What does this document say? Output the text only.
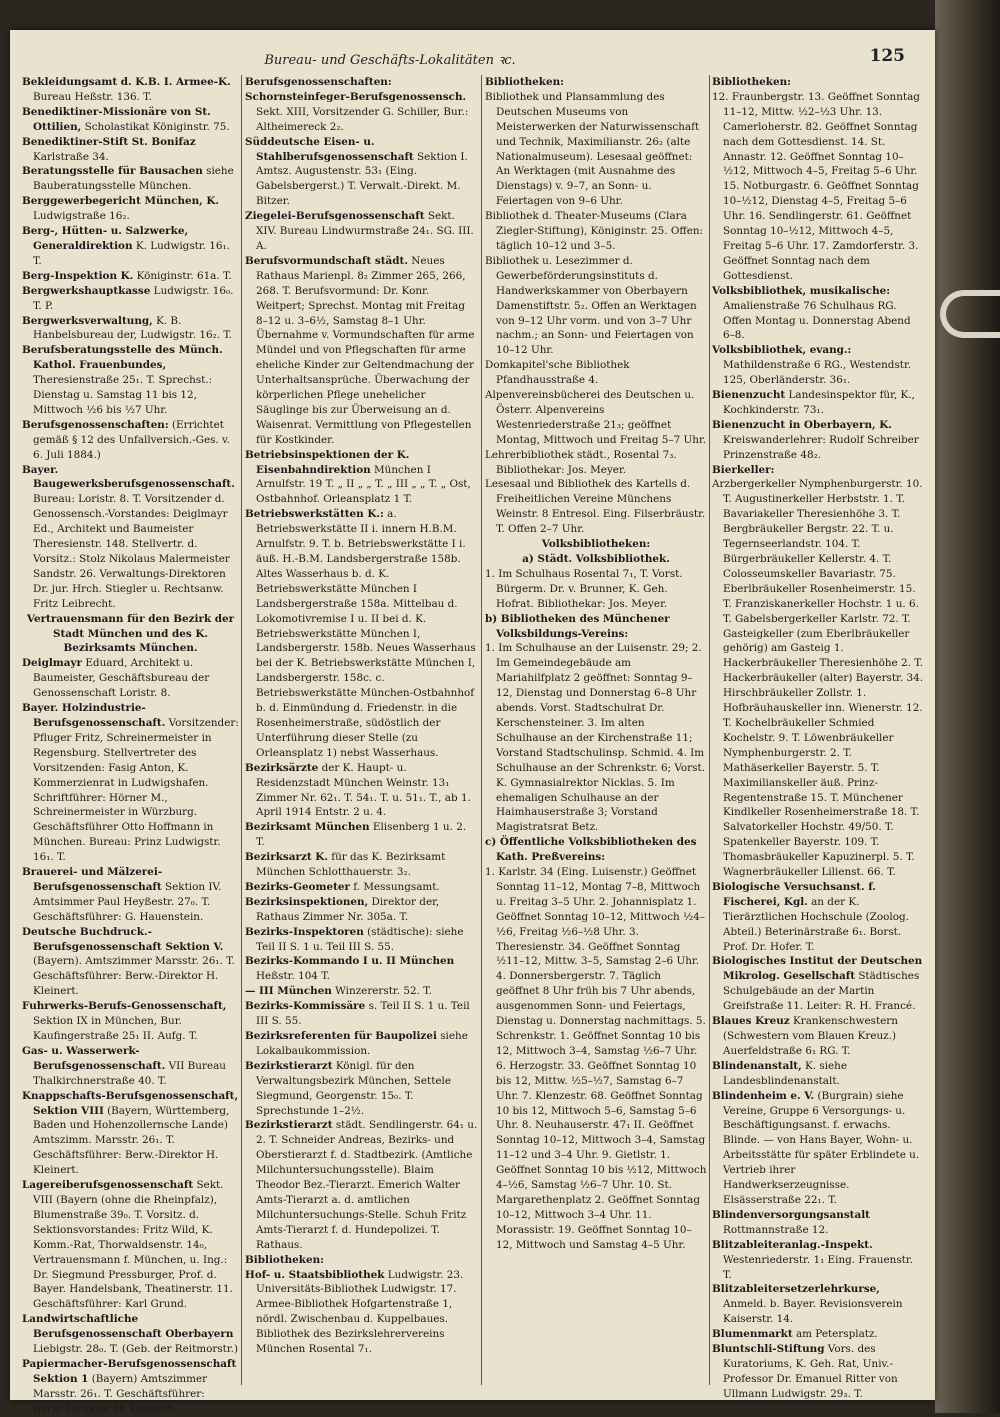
Bureau- und Geschäfts-Lokalitäten ꝛc.	125
Bekleidungsamt d. K.B. I. Armee-K. Bureau Heßstr. 136. T.
Benediktiner-Missionäre von St. Ottilien, Scholastikat Königinstr. 75.
Benediktiner-Stift St. Bonifaz Karlstraße 34.
Beratungsstelle für Bausachen siehe Bauberatungsstelle München.
Berggewerbegericht München, K. Ludwigstraße 16₂.
Berg-, Hütten- u. Salzwerke, Generaldirektion K. Ludwigstr. 16₁. T.
Berg-Inspektion K. Königinstr. 61a. T.
Bergwerkshauptkasse Ludwigstr. 16₀. T. P.
Bergwerksverwaltung, K. B. Hanbelsbureau der, Ludwigstr. 16₂. T.
Berufsberatungsstelle des Münch. Kathol. Frauenbundes, Theresienstraße 25₁. T. Sprechst.: Dienstag u. Samstag 11 bis 12, Mittwoch ½6 bis ½7 Uhr.
Berufsgenossenschaften: (Errichtet gemäß § 12 des Unfallversich.-Ges. v. 6. Juli 1884.)
Bayer. Baugewerksberufsgenossenschaft. Bureau: Loristr. 8. T. Vorsitzender d. Genossensch.-Vorstandes: Deiglmayr Ed., Architekt und Baumeister Theresienstr. 148. Stellvertr. d. Vorsitz.: Stolz Nikolaus Malermeister Sandstr. 26. Verwaltungs-Direktoren Dr. jur. Hrch. Stiegler u. Rechtsanw. Fritz Leibrecht.
Vertrauensmann für den Bezirk der Stadt München und des K. Bezirksamts München.
Deiglmayr Eduard, Architekt u. Baumeister, Geschäftsbureau der Genossenschaft Loristr. 8.
Bayer. Holzindustrie-Berufsgenossenschaft. Vorsitzender: Pfluger Fritz, Schreinermeister in Regensburg. Stellvertreter des Vorsitzenden: Fasig Anton, K. Kommerzienrat in Ludwigshafen. Schriftführer: Hörner M., Schreinermeister in Würzburg. Geschäftsführer Otto Hoffmann in München. Bureau: Prinz Ludwigstr. 16₁. T.
Brauerei- und Mälzerei-Berufsgenossenschaft Sektion IV. Amtsimmer Paul Heyßestr. 27₀. T. Geschäftsführer: G. Hauenstein.
Deutsche Buchdruck.-Berufsgenossenschaft Sektion V. (Bayern). Amtszimmer Marsstr. 26₁. T. Geschäftsführer: Berw.-Direktor H. Kleinert.
Fuhrwerks-Berufs-Genossenschaft, Sektion IX in München, Bur. Kaufingerstraße 25₁ II. Aufg. T.
Gas- u. Wasserwerk-Berufsgenossenschaft. VII Bureau Thalkirchnerstraße 40. T.
Knappschafts-Berufsgenossenschaft, Sektion VIII (Bayern, Württemberg, Baden und Hohenzollernsche Lande) Amtszimm. Marsstr. 26₁. T. Geschäftsführer: Berw.-Direktor H. Kleinert.
Lagereiberufsgenossenschaft Sekt. VIII (Bayern (ohne die Rheinpfalz), Blumenstraße 39₀. T. Vorsitz. d. Sektionsvorstandes: Fritz Wild, K. Komm.-Rat, Thorwaldsenstr. 14₀, Vertrauensmann f. München, u. Ing.: Dr. Siegmund Pressburger, Prof. d. Bayer. Handelsbank, Theatinerstr. 11. Geschäftsführer: Karl Grund.
Landwirtschaftliche Berufsgenossenschaft Oberbayern Liebigstr. 28₀. T. (Geb. der Reitmorstr.)
Papiermacher-Berufsgenossenschaft Sektion 1 (Bayern) Amtszimmer Marsstr. 26₁. T. Geschäftsführer: Berw.-Direktor H. Kleinert.
Berufsgenossenschaften:
Schornsteinfeger-Berufsgenossensch. Sekt. XIII, Vorsitzender G. Schiller, Bur.: Altheimereck 2₂.
Süddeutsche Eisen- u. Stahlberufsgenossenschaft Sektion I. Amtsz. Augustenstr. 53₁ (Eing. Gabelsbergerst.) T. Verwalt.-Direkt. M. Bitzer.
Ziegelei-Berufsgenossenschaft Sekt. XIV. Bureau Lindwurmstraße 24₁. SG. III. A.
Berufsvormundschaft städt. Neues Rathaus Marienpl. 8₂ Zimmer 265, 266, 268. T. Berufsvormund: Dr. Konr. Weitpert; Sprechst. Montag mit Freitag 8–12 u. 3–6½, Samstag 8–1 Uhr. Übernahme v. Vormundschaften für arme Mündel und von Pflegschaften für arme eheliche Kinder zur Geltendmachung der Unterhaltsansprüche. Überwachung der körperlichen Pflege unehelicher Säuglinge bis zur Überweisung an d. Waisenrat. Vermittlung von Pflegestellen für Kostkinder.
Betriebsinspektionen der K. Eisenbahndirektion München I Arnulfstr. 19 T. „ II „ „ T. „ III „ „ T. „ Ost, Ostbahnhof. Orleansplatz 1 T.
Betriebswerkstätten K.: a. Betriebswerkstätte II i. innern H.B.M. Arnulfstr. 9. T. b. Betriebswerkstätte I i. äuß. H.-B.M. Landsbergerstraße 158b. Altes Wasserhaus b. d. K. Betriebswerkstätte München I Landsbergerstraße 158a. Mittelbau d. Lokomotivremise I u. II bei d. K. Betriebswerkstätte München I, Landsbergerstr. 158b. Neues Wasserhaus bei der K. Betriebswerkstätte München I, Landsbergerstr. 158c. c. Betriebswerkstätte München-Ostbahnhof b. d. Einmündung d. Friedenstr. in die Rosenheimerstraße, südöstlich der Unterführung dieser Stelle (zu Orleansplatz 1) nebst Wasserhaus.
Bezirksärzte der K. Haupt- u. Residenzstadt München Weinstr. 13₁ Zimmer Nr. 62₁. T. 54₁. T. u. 51₁. T., ab 1. April 1914 Entstr. 2 u. 4.
Bezirksamt München Elisenberg 1 u. 2. T.
Bezirksarzt K. für das K. Bezirksamt München Schlotthauerstr. 3₂.
Bezirks-Geometer f. Messungsamt.
Bezirksinspektionen, Direktor der, Rathaus Zimmer Nr. 305a. T.
Bezirks-Inspektoren (städtische): siehe Teil II S. 1 u. Teil III S. 55.
Bezirks-Kommando I u. II München Heßstr. 104 T.
— III München Winzererstr. 52. T.
Bezirks-Kommissäre s. Teil II S. 1 u. Teil III S. 55.
Bezirksreferenten für Baupolizei siehe Lokalbaukommission.
Bezirkstierarzt Königl. für den Verwaltungsbezirk München, Settele Siegmund, Georgenstr. 15₀. T. Sprechstunde 1–2½.
Bezirkstierarzt städt. Sendlingerstr. 64₁ u. 2. T. Schneider Andreas, Bezirks- und Oberstierarzt f. d. Stadtbezirk. (Amtliche Milchuntersuchungsstelle). Blaim Theodor Bez.-Tierarzt. Emerich Walter Amts-Tierarzt a. d. amtlichen Milchuntersuchungs-Stelle. Schuh Fritz Amts-Tierarzt f. d. Hundepolizei. T. Rathaus.
Bibliotheken:
Hof- u. Staatsbibliothek Ludwigstr. 23. Universitäts-Bibliothek Ludwigstr. 17. Armee-Bibliothek Hofgartenstraße 1, nördl. Zwischenbau d. Kuppelbaues. Bibliothek des Bezirkslehrervereins München Rosental 7₁.
Bibliotheken:
Bibliothek und Plansammlung des Deutschen Museums von Meisterwerken der Naturwissenschaft und Technik, Maximilianstr. 26₂ (alte Nationalmuseum). Lesesaal geöffnet: An Werktagen (mit Ausnahme des Dienstags) v. 9–7, an Sonn- u. Feiertagen von 9–6 Uhr.
Bibliothek d. Theater-Museums (Clara Ziegler-Stiftung), Königinstr. 25. Offen: täglich 10–12 und 3–5.
Bibliothek u. Lesezimmer d. Gewerbeförderungsinstituts d. Handwerkskammer von Oberbayern Damenstiftstr. 5₂. Offen an Werktagen von 9–12 Uhr vorm. und von 3–7 Uhr nachm.; an Sonn- und Feiertagen von 10–12 Uhr.
Domkapitel'sche Bibliothek Pfandhausstraße 4.
Alpenvereinsbücherei des Deutschen u. Österr. Alpenvereins Westenriederstraße 21₃; geöffnet Montag, Mittwoch und Freitag 5–7 Uhr.
Lehrerbibliothek städt., Rosental 7₃. Bibliothekar: Jos. Meyer.
Lesesaal und Bibliothek des Kartells d. Freiheitlichen Vereine Münchens Weinstr. 8 Entresol. Eing. Filserbräustr. T. Offen 2–7 Uhr.
Volksbibliotheken:
a) Städt. Volksbibliothek.
1. Im Schulhaus Rosental 7₁, T. Vorst. Bürgerm. Dr. v. Brunner, K. Geh. Hofrat. Bibliothekar: Jos. Meyer.
b) Bibliotheken des Münchener Volksbildungs-Vereins:
1. Im Schulhause an der Luisenstr. 29; 2. Im Gemeindegebäude am Mariahilfplatz 2 geöffnet: Sonntag 9–12, Dienstag und Donnerstag 6–8 Uhr abends. Vorst. Stadtschulrat Dr. Kerschensteiner. 3. Im alten Schulhause an der Kirchenstraße 11; Vorstand Stadtschulinsp. Schmid. 4. Im Schulhause an der Schrenkstr. 6; Vorst. K. Gymnasialrektor Nicklas. 5. Im ehemaligen Schulhause an der Haimhauserstraße 3; Vorstand Magistratsrat Betz.
c) Öffentliche Volksbibliotheken des Kath. Preßvereins:
1. Karlstr. 34 (Eing. Luisenstr.) Geöffnet Sonntag 11–12, Montag 7–8, Mittwoch u. Freitag 3–5 Uhr. 2. Johannisplatz 1. Geöffnet Sonntag 10–12, Mittwoch ½4–½6, Freitag ½6–½8 Uhr. 3. Theresienstr. 34. Geöffnet Sonntag ½11–12, Mittw. 3–5, Samstag 2–6 Uhr. 4. Donnersbergerstr. 7. Täglich geöffnet 8 Uhr früh bis 7 Uhr abends, ausgenommen Sonn- und Feiertags, Dienstag u. Donnerstag nachmittags. 5. Schrenkstr. 1. Geöffnet Sonntag 10 bis 12, Mittwoch 3–4, Samstag ½6–7 Uhr. 6. Herzogstr. 33. Geöffnet Sonntag 10 bis 12, Mittw. ½5–½7, Samstag 6–7 Uhr. 7. Klenzestr. 68. Geöffnet Sonntag 10 bis 12, Mittwoch 5–6, Samstag 5–6 Uhr. 8. Neuhauserstr. 47₁ II. Geöffnet Sonntag 10–12, Mittwoch 3–4, Samstag 11–12 und 3–4 Uhr. 9. Gietlstr. 1. Geöffnet Sonntag 10 bis ½12, Mittwoch 4–½6, Samstag ½6–7 Uhr. 10. St. Margarethenplatz 2. Geöffnet Sonntag 10–12, Mittwoch 3–4 Uhr. 11. Morassistr. 19. Geöffnet Sonntag 10–12, Mittwoch und Samstag 4–5 Uhr.
Bibliotheken:
12. Fraunbergstr. 13. Geöffnet Sonntag 11–12, Mittw. ½2–½3 Uhr. 13. Camerloherstr. 82. Geöffnet Sonntag nach dem Gottesdienst. 14. St. Annastr. 12. Geöffnet Sonntag 10–½12, Mittwoch 4–5, Freitag 5–6 Uhr. 15. Notburgastr. 6. Geöffnet Sonntag 10–½12, Dienstag 4–5, Freitag 5–6 Uhr. 16. Sendlingerstr. 61. Geöffnet Sonntag 10–½12, Mittwoch 4–5, Freitag 5–6 Uhr. 17. Zamdorferstr. 3. Geöffnet Sonntag nach dem Gottesdienst.
Volksbibliothek, musikalische: Amalienstraße 76 Schulhaus RG. Offen Montag u. Donnerstag Abend 6–8.
Volksbibliothek, evang.: Mathildenstraße 6 RG., Westendstr. 125, Oberländerstr. 36₁.
Bienenzucht Landesinspektor für, K., Kochkinderstr. 73₁.
Bienenzucht in Oberbayern, K. Kreiswanderlehrer: Rudolf Schreiber Prinzenstraße 48₂.
Bierkeller:
Arzbergerkeller Nymphenburgerstr. 10. T. Augustinerkeller Herbststr. 1. T. Bavariakeller Theresienhöhe 3. T. Bergbräukeller Bergstr. 22. T. u. Tegernseerlandstr. 104. T. Bürgerbräukeller Kellerstr. 4. T. Colosseumskeller Bavariastr. 75. Eberlbräukeller Rosenheimerstr. 15. T. Franziskanerkeller Hochstr. 1 u. 6. T. Gabelsbergerkeller Karlstr. 72. T. Gasteigkeller (zum Eberlbräukeller gehörig) am Gasteig 1. Hackerbräukeller Theresienhöhe 2. T. Hackerbräukeller (alter) Bayerstr. 34. Hirschbräukeller Zollstr. 1. Hofbräuhauskeller inn. Wienerstr. 12. T. Kochelbräukeller Schmied Kochelstr. 9. T. Löwenbräukeller Nymphenburgerstr. 2. T. Mathäserkeller Bayerstr. 5. T. Maximilianskeller äuß. Prinz-Regentenstraße 15. T. Münchener Kindlkeller Rosenheimerstraße 18. T. Salvatorkeller Hochstr. 49/50. T. Spatenkeller Bayerstr. 109. T. Thomasbräukeller Kapuzinerpl. 5. T. Wagnerbräukeller Lilienst. 66. T.
Biologische Versuchsanst. f. Fischerei, Kgl. an der K. Tierärztlichen Hochschule (Zoolog. Abteil.) Beterinärstraße 6₁. Borst. Prof. Dr. Hofer. T.
Biologisches Institut der Deutschen Mikrolog. Gesellschaft Städtisches Schulgebäude an der Martin Greifstraße 11. Leiter: R. H. Francé.
Blaues Kreuz Krankenschwestern (Schwestern vom Blauen Kreuz.) Auerfeldstraße 6₁ RG. T.
Blindenanstalt, K. siehe Landesblindenanstalt.
Blindenheim e. V. (Burgrain) siehe Vereine, Gruppe 6 Versorgungs- u. Beschäftigungsanst. f. erwachs. Blinde. — von Hans Bayer, Wohn- u. Arbeitsstätte für später Erblindete u. Vertrieb ihrer Handwerkserzeugnisse. Elsässerstraße 22₁. T.
Blindenversorgungsanstalt Rottmannstraße 12.
Blitzableiteranlag.-Inspekt. Westenriederstr. 1₁ Eing. Frauenstr. T.
Blitzableitersetzerlehrkurse, Anmeld. b. Bayer. Revisionsverein Kaiserstr. 14.
Blumenmarkt am Petersplatz.
Bluntschli-Stiftung Vors. des Kuratoriums, K. Geh. Rat, Univ.-Professor Dr. Emanuel Ritter von Ullmann Ludwigstr. 29₃. T.
